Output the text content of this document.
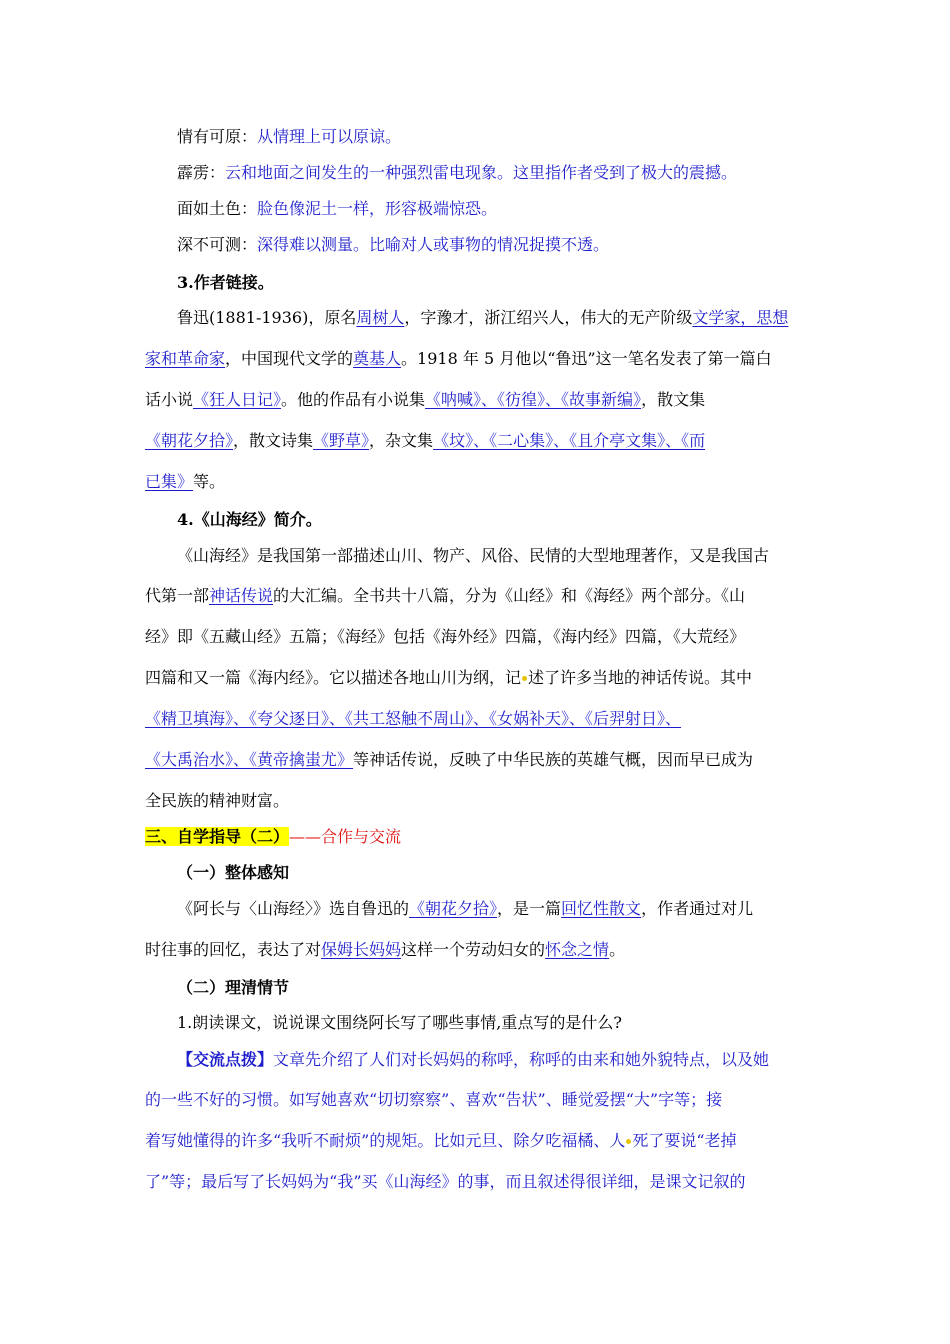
情有可原：从情理上可以原谅。
霹雳：云和地面之间发生的一种强烈雷电现象。这里指作者受到了极大的震撼。
面如土色：脸色像泥土一样，形容极端惊恐。
深不可测：深得难以测量。比喻对人或事物的情况捉摸不透。
3.作者链接。
鲁迅(1881-1936)，原名周树人，字豫才，浙江绍兴人，伟大的无产阶级文学家，思想
家和革命家，中国现代文学的奠基人。1918 年 5 月他以“鲁迅”这一笔名发表了第一篇白
话小说《狂人日记》。他的作品有小说集《呐喊》、《彷徨》、《故事新编》，散文集
《朝花夕拾》，散文诗集《野草》，杂文集《坟》、《二心集》、《且介亭文集》、《而
已集》等。
4.《山海经》简介。
《山海经》是我国第一部描述山川、物产、风俗、民情的大型地理著作，又是我国古
代第一部神话传说的大汇编。全书共十八篇，分为《山经》和《海经》两个部分。《山
经》即《五藏山经》五篇；《海经》包括《海外经》四篇，《海内经》四篇，《大荒经》
四篇和又一篇《海内经》。它以描述各地山川为纲，记 述了许多当地的神话传说。其中
《精卫填海》、《夸父逐日》、《共工怒触不周山》、《女娲补天》、《后羿射日》、
《大禹治水》、《黄帝擒蚩尤》等神话传说，反映了中华民族的英雄气概，因而早已成为
全民族的精神财富。
三、自学指导（二）——合作与交流
（一）整体感知
《阿长与〈山海经〉》选自鲁迅的《朝花夕拾》，是一篇回忆性散文，作者通过对儿
时往事的回忆，表达了对保姆长妈妈这样一个劳动妇女的怀念之情。
（二）理清情节
1.朗读课文，说说课文围绕阿长写了哪些事情,重点写的是什么?
【交流点拨】文章先介绍了人们对长妈妈的称呼，称呼的由来和她外貌特点，以及她
的一些不好的习惯。如写她喜欢“切切察察”、喜欢“告状”、睡觉爱摆“大”字等；接
着写她懂得的许多“我听不耐烦”的规矩。比如元旦、除夕吃福橘、人 死了要说“老掉
了”等；最后写了长妈妈为“我”买《山海经》的事，而且叙述得很详细，是课文记叙的
